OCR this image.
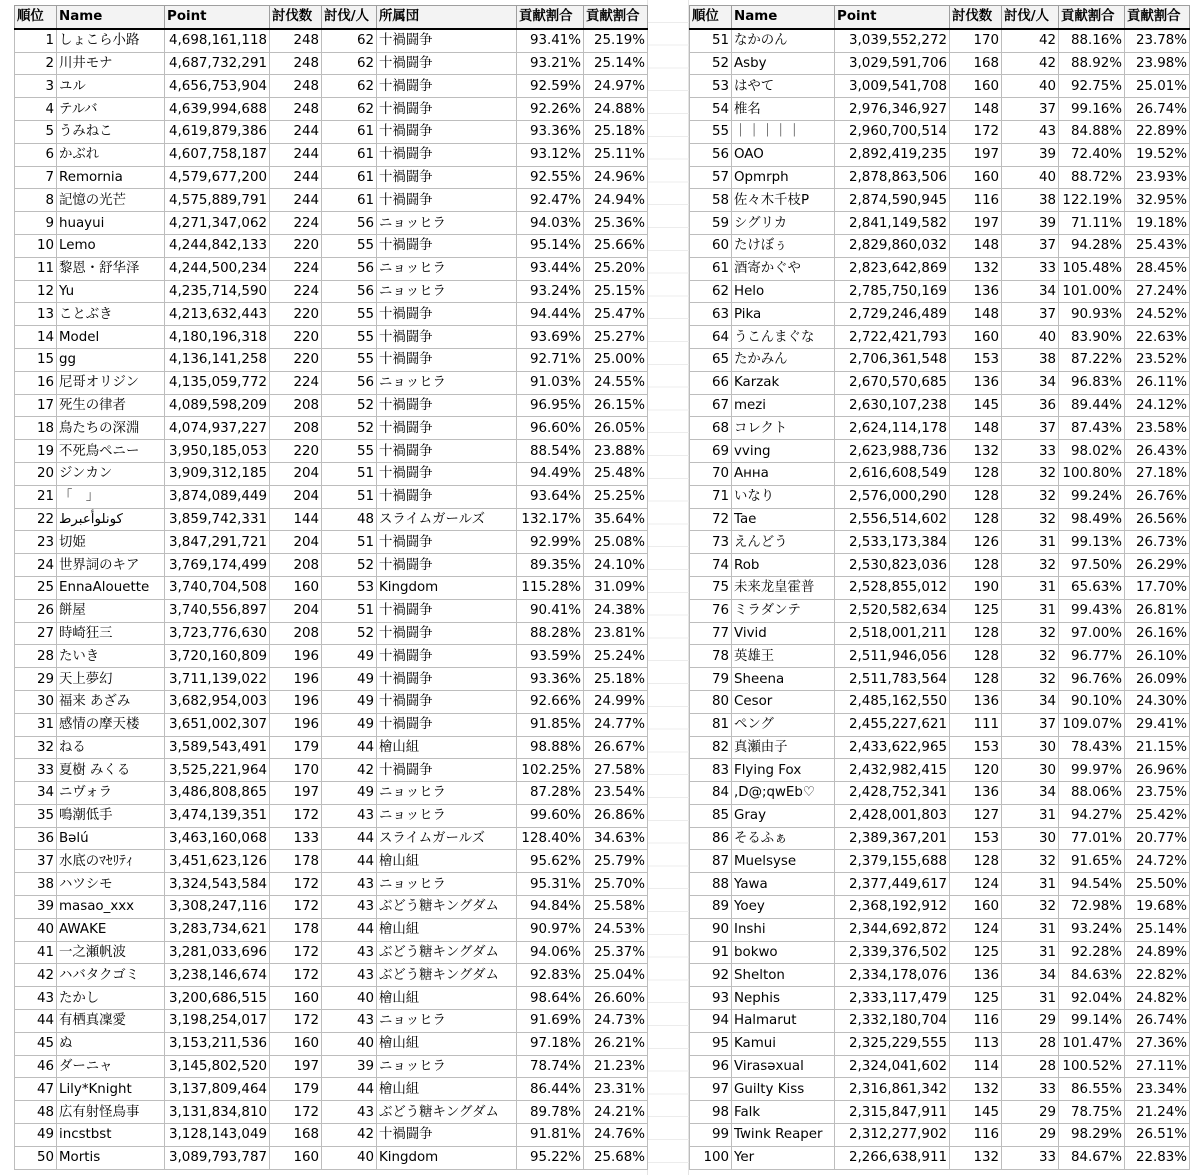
順位	Name	Point	討伐数	討伐/人	所属団	貢献割合	貢献割合
1	しょこら小路	4,698,161,118	248	62	十禍闘争	93.41%	25.19%
2	川井モナ	4,687,732,291	248	62	十禍闘争	93.21%	25.14%
3	ユル	4,656,753,904	248	62	十禍闘争	92.59%	24.97%
4	テルバ	4,639,994,688	248	62	十禍闘争	92.26%	24.88%
5	うみねこ	4,619,879,386	244	61	十禍闘争	93.36%	25.18%
6	かぶれ	4,607,758,187	244	61	十禍闘争	93.12%	25.11%
7	Remornia	4,579,677,200	244	61	十禍闘争	92.55%	24.96%
8	記憶の光芒	4,575,889,791	244	61	十禍闘争	92.47%	24.94%
9	huayui	4,271,347,062	224	56	ニョッヒラ	94.03%	25.36%
10	Lemo	4,244,842,133	220	55	十禍闘争	95.14%	25.66%
11	黎恩・舒华泽	4,244,500,234	224	56	ニョッヒラ	93.44%	25.20%
12	Yu	4,235,714,590	224	56	ニョッヒラ	93.24%	25.15%
13	ことぶき	4,213,632,443	220	55	十禍闘争	94.44%	25.47%
14	Model	4,180,196,318	220	55	十禍闘争	93.69%	25.27%
15	gg	4,136,141,258	220	55	十禍闘争	92.71%	25.00%
16	尼哥オリジン	4,135,059,772	224	56	ニョッヒラ	91.03%	24.55%
17	死生の律者	4,089,598,209	208	52	十禍闘争	96.95%	26.15%
18	鳥たちの深淵	4,074,937,227	208	52	十禍闘争	96.60%	26.05%
19	不死鳥ペニー	3,950,185,053	220	55	十禍闘争	88.54%	23.88%
20	ジンカン	3,909,312,185	204	51	十禍闘争	94.49%	25.48%
21	「　」	3,874,089,449	204	51	十禍闘争	93.64%	25.25%
22	كونلوأعبرط	3,859,742,331	144	48	スライムガールズ	132.17%	35.64%
23	切姫	3,847,291,721	204	51	十禍闘争	92.99%	25.08%
24	世界詞のキア	3,769,174,499	208	52	十禍闘争	89.35%	24.10%
25	EnnaAlouette	3,740,704,508	160	53	Kingdom	115.28%	31.09%
26	餅屋	3,740,556,897	204	51	十禍闘争	90.41%	24.38%
27	時崎狂三	3,723,776,630	208	52	十禍闘争	88.28%	23.81%
28	たいき	3,720,160,809	196	49	十禍闘争	93.59%	25.24%
29	天上夢幻	3,711,139,022	196	49	十禍闘争	93.36%	25.18%
30	福来 あざみ	3,682,954,003	196	49	十禍闘争	92.66%	24.99%
31	感情の摩天楼	3,651,002,307	196	49	十禍闘争	91.85%	24.77%
32	ねる	3,589,543,491	179	44	檜山組	98.88%	26.67%
33	夏樹 みくる	3,525,221,964	170	42	十禍闘争	102.25%	27.58%
34	ニヴォラ	3,486,808,865	197	49	ニョッヒラ	87.28%	23.54%
35	鳴潮低手	3,474,139,351	172	43	ニョッヒラ	99.60%	26.86%
36	Bəlú	3,463,160,068	133	44	スライムガールズ	128.40%	34.63%
37	水底のﾏｾﾘﾃｨ	3,451,623,126	178	44	檜山組	95.62%	25.79%
38	ハツシモ	3,324,543,584	172	43	ニョッヒラ	95.31%	25.70%
39	masao_xxx	3,308,247,116	172	43	ぶどう糖キングダム	94.84%	25.58%
40	AWAKE	3,283,734,621	178	44	檜山組	90.97%	24.53%
41	一之瀬帆波	3,281,033,696	172	43	ぶどう糖キングダム	94.06%	25.37%
42	ハバタクゴミ	3,238,146,674	172	43	ぶどう糖キングダム	92.83%	25.04%
43	たかし	3,200,686,515	160	40	檜山組	98.64%	26.60%
44	有栖真凜愛	3,198,254,017	172	43	ニョッヒラ	91.69%	24.73%
45	ぬ	3,153,211,536	160	40	檜山組	97.18%	26.21%
46	ダーニャ	3,145,802,520	197	39	ニョッヒラ	78.74%	21.23%
47	Lily*Knight	3,137,809,464	179	44	檜山組	86.44%	23.31%
48	広有射怪鳥事	3,131,834,810	172	43	ぶどう糖キングダム	89.78%	24.21%
49	incstbst	3,128,143,049	168	42	十禍闘争	91.81%	24.76%
50	Mortis	3,089,793,787	160	40	Kingdom	95.22%	25.68%
順位	Name	Point	討伐数	討伐/人	貢献割合	貢献割合
51	なかのん	3,039,552,272	170	42	88.16%	23.78%
52	Asby	3,029,591,706	168	42	88.92%	23.98%
53	はやて	3,009,541,708	160	40	92.75%	25.01%
54	椎名	2,976,346,927	148	37	99.16%	26.74%
55	｜｜｜｜｜	2,960,700,514	172	43	84.88%	22.89%
56	OAO	2,892,419,235	197	39	72.40%	19.52%
57	Opmrph	2,878,863,506	160	40	88.72%	23.93%
58	佐々木千枝P	2,874,590,945	116	38	122.19%	32.95%
59	シグリカ	2,841,149,582	197	39	71.11%	19.18%
60	たけぼぅ	2,829,860,032	148	37	94.28%	25.43%
61	酒寄かぐや	2,823,642,869	132	33	105.48%	28.45%
62	Helo	2,785,750,169	136	34	101.00%	27.24%
63	Pika	2,729,246,489	148	37	90.93%	24.52%
64	うこんまぐな	2,722,421,793	160	40	83.90%	22.63%
65	たかみん	2,706,361,548	153	38	87.22%	23.52%
66	Karzak	2,670,570,685	136	34	96.83%	26.11%
67	mezi	2,630,107,238	145	36	89.44%	24.12%
68	コレクト	2,624,114,178	148	37	87.43%	23.58%
69	vving	2,623,988,736	132	33	98.02%	26.43%
70	Анна	2,616,608,549	128	32	100.80%	27.18%
71	いなり	2,576,000,290	128	32	99.24%	26.76%
72	Tae	2,556,514,602	128	32	98.49%	26.56%
73	えんどう	2,533,173,384	126	31	99.13%	26.73%
74	Rob	2,530,823,036	128	32	97.50%	26.29%
75	未来龙皇霍普	2,528,855,012	190	31	65.63%	17.70%
76	ミラダンテ	2,520,582,634	125	31	99.43%	26.81%
77	Vivid	2,518,001,211	128	32	97.00%	26.16%
78	英雄王	2,511,946,056	128	32	96.77%	26.10%
79	Sheena	2,511,783,564	128	32	96.76%	26.09%
80	Cesor	2,485,162,550	136	34	90.10%	24.30%
81	ペング	2,455,227,621	111	37	109.07%	29.41%
82	真瀬由子	2,433,622,965	153	30	78.43%	21.15%
83	Flying Fox	2,432,982,415	120	30	99.97%	26.96%
84	,D@;qwEb♡	2,428,752,341	136	34	88.06%	23.75%
85	Gray	2,428,001,803	127	31	94.27%	25.42%
86	そるふぁ	2,389,367,201	153	30	77.01%	20.77%
87	Muelsyse	2,379,155,688	128	32	91.65%	24.72%
88	Yawa	2,377,449,617	124	31	94.54%	25.50%
89	Yoey	2,368,192,912	160	32	72.98%	19.68%
90	Inshi	2,344,692,872	124	31	93.24%	25.14%
91	bokwo	2,339,376,502	125	31	92.28%	24.89%
92	Shelton	2,334,178,076	136	34	84.63%	22.82%
93	Nephis	2,333,117,479	125	31	92.04%	24.82%
94	Halmarut	2,332,180,704	116	29	99.14%	26.74%
95	Kamui	2,325,229,555	113	28	101.47%	27.36%
96	Virasəxual	2,324,041,602	114	28	100.52%	27.11%
97	Guilty Kiss	2,316,861,342	132	33	86.55%	23.34%
98	Falk	2,315,847,911	145	29	78.75%	21.24%
99	Twink Reaper	2,312,277,902	116	29	98.29%	26.51%
100	Yer	2,266,638,911	132	33	84.67%	22.83%
